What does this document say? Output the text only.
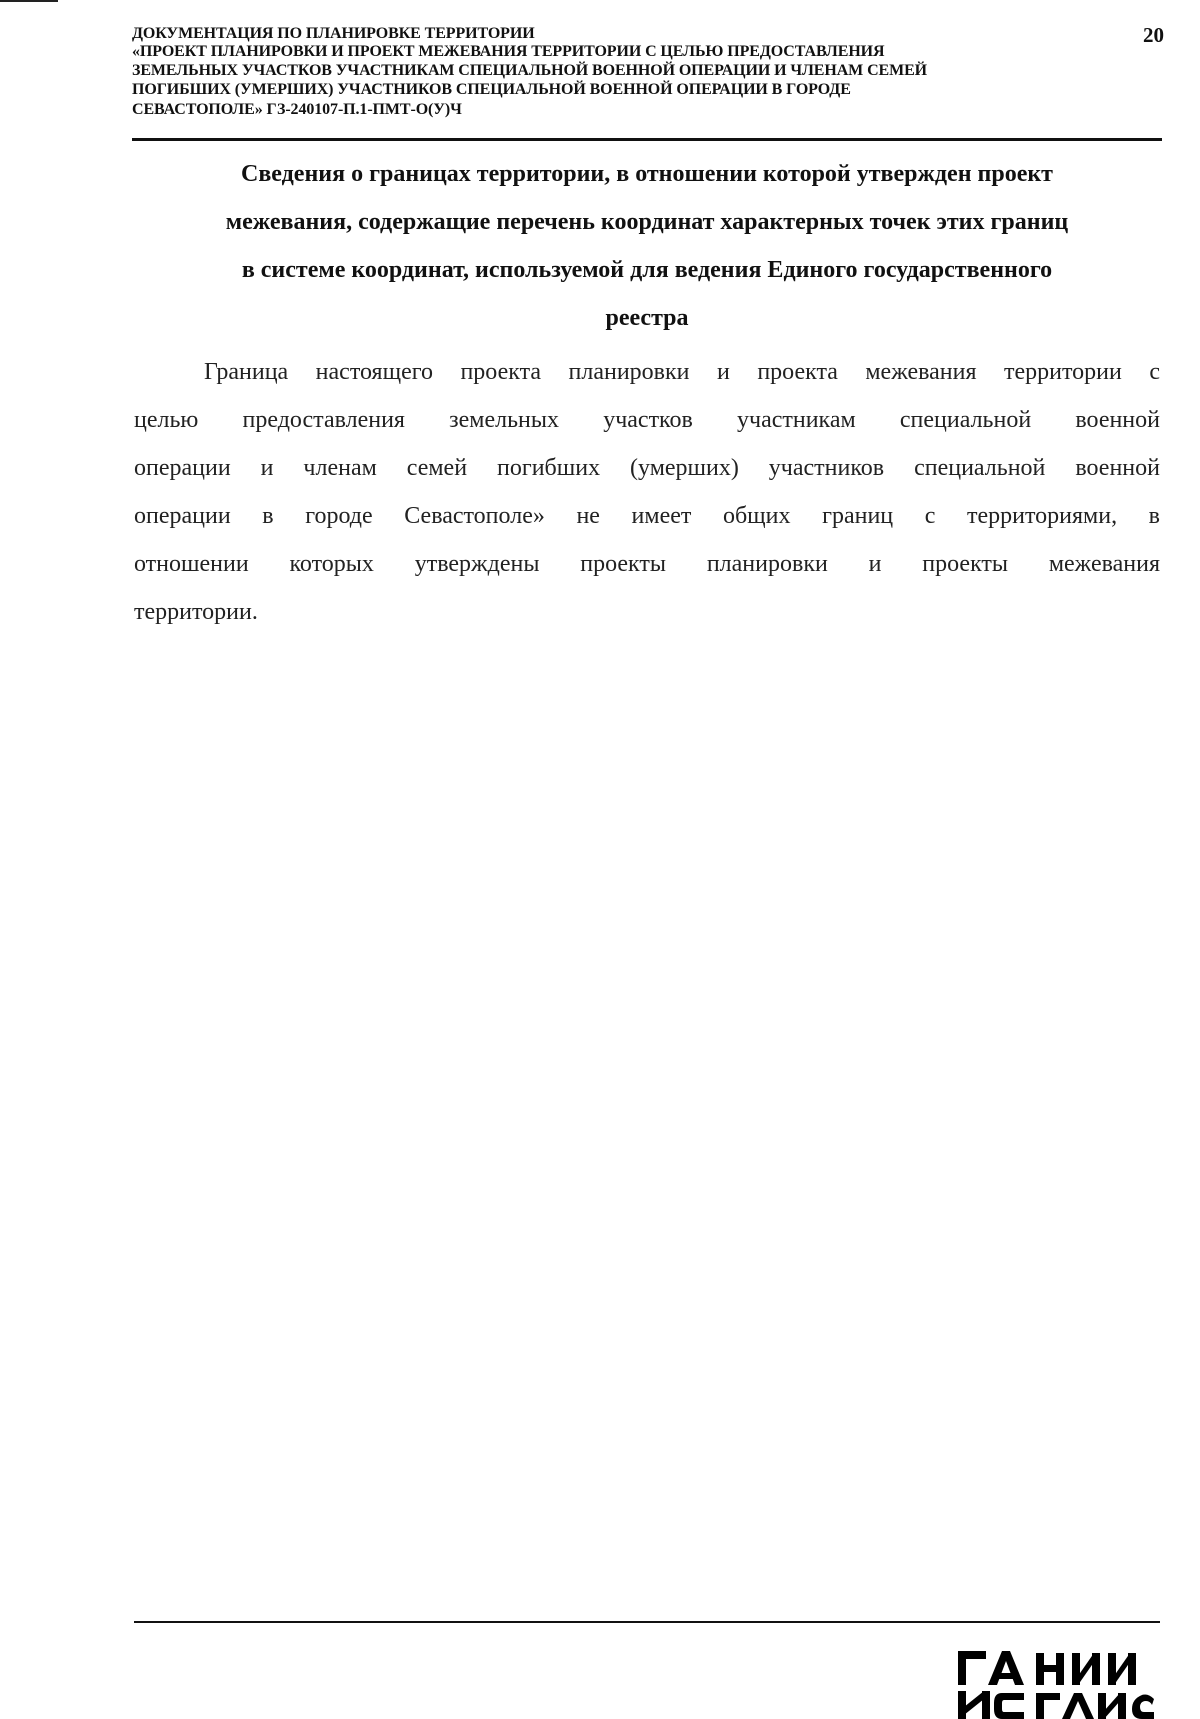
ДОКУМЕНТАЦИЯ ПО ПЛАНИРОВКЕ ТЕРРИТОРИИ
«ПРОЕКТ ПЛАНИРОВКИ И ПРОЕКТ МЕЖЕВАНИЯ ТЕРРИТОРИИ С ЦЕЛЬЮ ПРЕДОСТАВЛЕНИЯ
ЗЕМЕЛЬНЫХ УЧАСТКОВ УЧАСТНИКАМ СПЕЦИАЛЬНОЙ ВОЕННОЙ ОПЕРАЦИИ И ЧЛЕНАМ СЕМЕЙ
ПОГИБШИХ (УМЕРШИХ) УЧАСТНИКОВ СПЕЦИАЛЬНОЙ ВОЕННОЙ ОПЕРАЦИИ В ГОРОДЕ
СЕВАСТОПОЛЕ» ГЗ-240107-П.1-ПМТ-О(У)Ч
20
Сведения о границах территории, в отношении которой утвержден проект
межевания, содержащие перечень координат характерных точек этих границ
в системе координат, используемой для ведения Единого государственного
реестра
Граница настоящего проекта планировки и проекта межевания территории с
целью предоставления земельных участков участникам специальной военной
операции и членам семей погибших (умерших) участников специальной военной
операции в городе Севастополе» не имеет общих границ с территориями, в
отношении которых утверждены проекты планировки и проекты межевания
территории.
